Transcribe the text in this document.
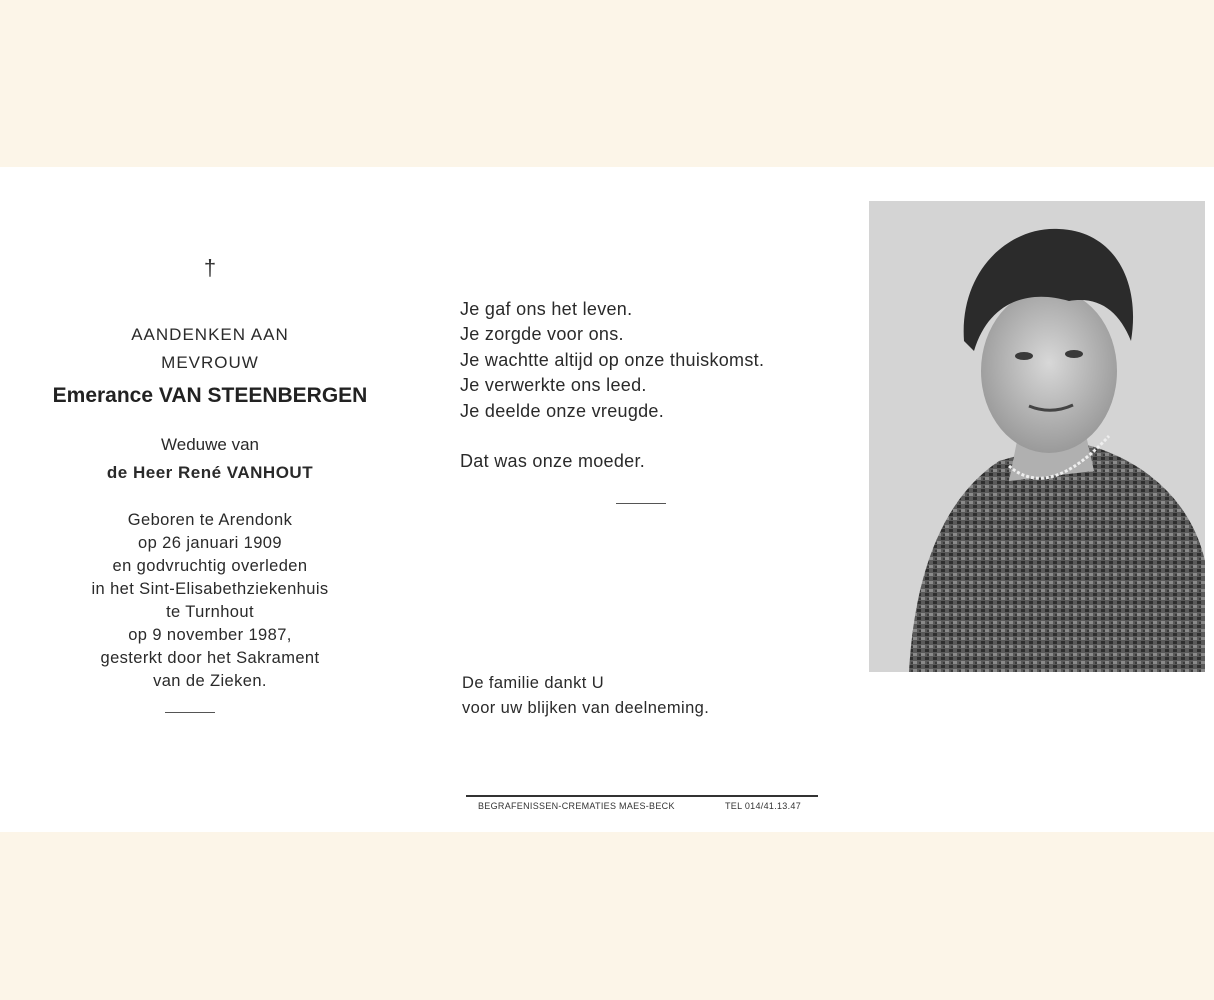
†
AANDENKEN AAN
MEVROUW
Emerance VAN STEENBERGEN
Weduwe van
de Heer René VANHOUT
Geboren te Arendonk
op 26 januari 1909
en godvruchtig overleden
in het Sint-Elisabethziekenhuis
te Turnhout
op 9 november 1987,
gesterkt door het Sakrament
van de Zieken.
Je gaf ons het leven.
Je zorgde voor ons.
Je wachtte altijd op onze thuiskomst.
Je verwerkte ons leed.
Je deelde onze vreugde.
Dat was onze moeder.
De familie dankt U
voor uw blijken van deelneming.
BEGRAFENISSEN-CREMATIES MAES-BECK	TEL 014/41.13.47
